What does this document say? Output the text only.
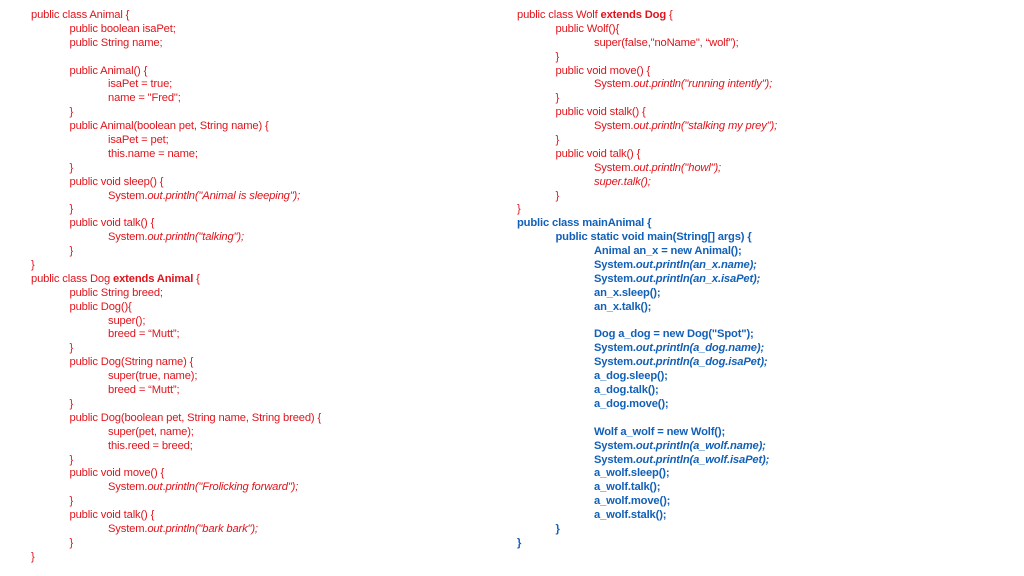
public class Animal {
public boolean isaPet;
public String name;
public Animal() {
isaPet = true;
name = "Fred";
}
public Animal(boolean pet, String name) {
isaPet = pet;
this.name = name;
}
public void sleep() {
System.out.println("Animal is sleeping");
}
public void talk() {
System.out.println("talking");
}
}
public class Dog extends Animal {
public String breed;
public Dog(){
super();
breed = “Mutt”;
}
public Dog(String name) {
super(true, name);
breed = “Mutt”;
}
public Dog(boolean pet, String name, String breed) {
super(pet, name);
this.reed = breed;
}
public void move() {
System.out.println("Frolicking forward");
}
public void talk() {
System.out.println("bark bark");
}
}
public class Wolf extends Dog {
public Wolf(){
super(false,"noName", “wolf”);
}
public void move() {
System.out.println("running intently");
}
public void stalk() {
System.out.println("stalking my prey");
}
public void talk() {
System.out.println("howl");
super.talk();
}
}
public class mainAnimal {
public static void main(String[] args) {
Animal an_x = new Animal();
System.out.println(an_x.name);
System.out.println(an_x.isaPet);
an_x.sleep();
an_x.talk();
Dog a_dog = new Dog("Spot");
System.out.println(a_dog.name);
System.out.println(a_dog.isaPet);
a_dog.sleep();
a_dog.talk();
a_dog.move();
Wolf a_wolf = new Wolf();
System.out.println(a_wolf.name);
System.out.println(a_wolf.isaPet);
a_wolf.sleep();
a_wolf.talk();
a_wolf.move();
a_wolf.stalk();
}
}
